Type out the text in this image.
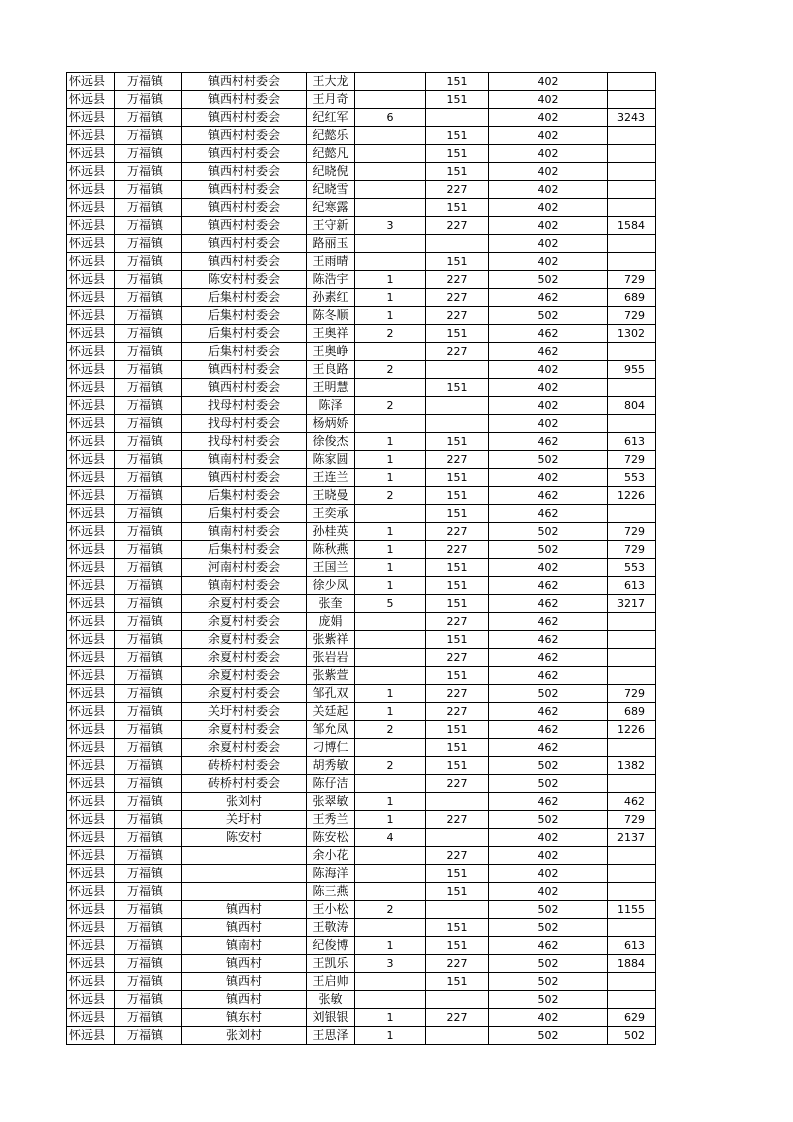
怀远县	万福镇	镇西村村委会	王大龙		151	402	
怀远县	万福镇	镇西村村委会	王月奇		151	402	
怀远县	万福镇	镇西村村委会	纪红军	6		402	3243
怀远县	万福镇	镇西村村委会	纪懿乐		151	402	
怀远县	万福镇	镇西村村委会	纪懿凡		151	402	
怀远县	万福镇	镇西村村委会	纪晓倪		151	402	
怀远县	万福镇	镇西村村委会	纪晓雪		227	402	
怀远县	万福镇	镇西村村委会	纪寒露		151	402	
怀远县	万福镇	镇西村村委会	王守新	3	227	402	1584
怀远县	万福镇	镇西村村委会	路丽玉			402	
怀远县	万福镇	镇西村村委会	王雨晴		151	402	
怀远县	万福镇	陈安村村委会	陈浩宇	1	227	502	729
怀远县	万福镇	后集村村委会	孙素红	1	227	462	689
怀远县	万福镇	后集村村委会	陈冬顺	1	227	502	729
怀远县	万福镇	后集村村委会	王奥祥	2	151	462	1302
怀远县	万福镇	后集村村委会	王奥峥		227	462	
怀远县	万福镇	镇西村村委会	王良路	2		402	955
怀远县	万福镇	镇西村村委会	王明慧		151	402	
怀远县	万福镇	找母村村委会	陈泽	2		402	804
怀远县	万福镇	找母村村委会	杨炳娇			402	
怀远县	万福镇	找母村村委会	徐俊杰	1	151	462	613
怀远县	万福镇	镇南村村委会	陈家圆	1	227	502	729
怀远县	万福镇	镇西村村委会	王连兰	1	151	402	553
怀远县	万福镇	后集村村委会	王晓曼	2	151	462	1226
怀远县	万福镇	后集村村委会	王奕承		151	462	
怀远县	万福镇	镇南村村委会	孙桂英	1	227	502	729
怀远县	万福镇	后集村村委会	陈秋燕	1	227	502	729
怀远县	万福镇	河南村村委会	王国兰	1	151	402	553
怀远县	万福镇	镇南村村委会	徐少凤	1	151	462	613
怀远县	万福镇	余夏村村委会	张奎	5	151	462	3217
怀远县	万福镇	余夏村村委会	庞娟		227	462	
怀远县	万福镇	余夏村村委会	张紫祥		151	462	
怀远县	万福镇	余夏村村委会	张岩岩		227	462	
怀远县	万福镇	余夏村村委会	张紫萱		151	462	
怀远县	万福镇	余夏村村委会	邹孔双	1	227	502	729
怀远县	万福镇	关圩村村委会	关廷起	1	227	462	689
怀远县	万福镇	余夏村村委会	邹允凤	2	151	462	1226
怀远县	万福镇	余夏村村委会	刁博仁		151	462	
怀远县	万福镇	砖桥村村委会	胡秀敏	2	151	502	1382
怀远县	万福镇	砖桥村村委会	陈仔洁		227	502	
怀远县	万福镇	张刘村	张翠敏	1		462	462
怀远县	万福镇	关圩村	王秀兰	1	227	502	729
怀远县	万福镇	陈安村	陈安松	4		402	2137
怀远县	万福镇		余小花		227	402	
怀远县	万福镇		陈海洋		151	402	
怀远县	万福镇		陈三燕		151	402	
怀远县	万福镇	镇西村	王小松	2		502	1155
怀远县	万福镇	镇西村	王敬涛		151	502	
怀远县	万福镇	镇南村	纪俊博	1	151	462	613
怀远县	万福镇	镇西村	王凯乐	3	227	502	1884
怀远县	万福镇	镇西村	王启帅		151	502	
怀远县	万福镇	镇西村	张敏			502	
怀远县	万福镇	镇东村	刘银银	1	227	402	629
怀远县	万福镇	张刘村	王思泽	1		502	502
